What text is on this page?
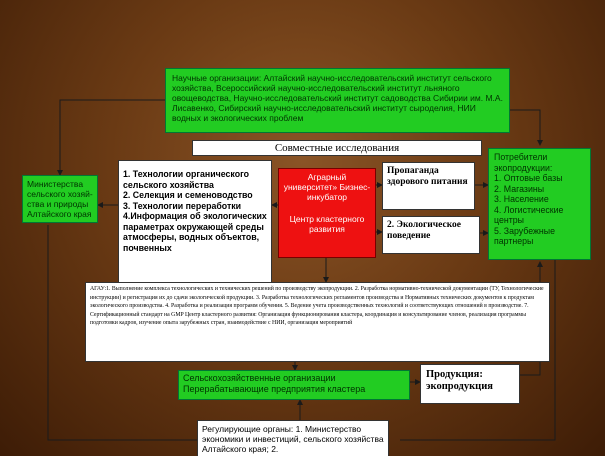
Научные организации: Алтайский научно-исследовательский институт сельского хозяйства, Всероссийский научно-исследовательский институт льняного овощеводства, Научно-исследовательский институт садоводства Сибирии им. М.А. Лисавенко, Сибирский научно-исследовательский институт сыроделия, НИИ водных и экологических проблем
Совместные исследования
Министерства сельского хозяй-ства и природы Алтайского края
1. Технологии органического сельского хозяйства
2. Селекция и семеноводство
3. Технологии переработки
4.Информация об экологических параметрах окружающей среды атмосферы, водных объектов, почвенных
Аграрный университет» Бизнес-инкубатор
Центр кластерного развития
Пропаганда здорового питания
2. Экологическое поведение
Потребители экопродукции:
1. Оптовые базы
2. Магазины
3. Население
4. Логистические центры
5. Зарубежные партнеры
АГАУ:1. Выполнение комплекса технологических и технических решений по производству экопродукции. 2. Разработка нормативно-технической документации (ТУ, Технологические инструкции) и регистрация их до сдачи экологической продукции. 3. Разработка технологических регламентов производства и Нормативных технических документов к продуктам экологического производства. 4. Разработка и реализация программ обучения. 5. Ведение учета производственных технологий и соответствующих отношений в производстве. 7. Сертификационный стандарт на GMP Центр кластерного развития: Организация функционирования кластера, координация и консультирование членов, реализация программы подготовки кадров, изучение опыта зарубежных стран, взаимодействие с НИИ, организация мероприятий
Сельскохозяйственные организации Перерабатывающие предприятия кластера
Продукция: экопродукция
Регулирующие органы: 1. Министерство экономики и инвестиций, сельского хозяйства Алтайского края; 2.
